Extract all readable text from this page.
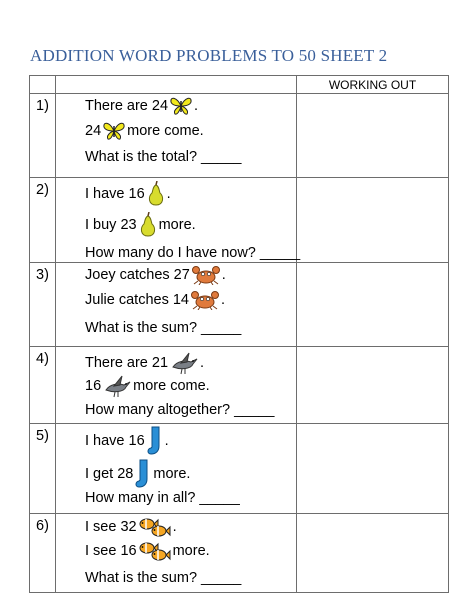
ADDITION WORD PROBLEMS TO 50 SHEET 2
		WORKING OUT
1)	There are 24 .
24 more come.
What is the total? _____	

2)	I have 16 .
I buy 23 more.
How many do I have now? _____	

3)	Joey catches 27 .
Julie catches 14 .
What is the sum? _____	

4)	There are 21 .
16 more come.
How many altogether? _____	

5)	I have 16 .
I get 28 more.
How many in all? _____	

6)	I see 32 .
I see 16 more.
What is the sum? _____	
